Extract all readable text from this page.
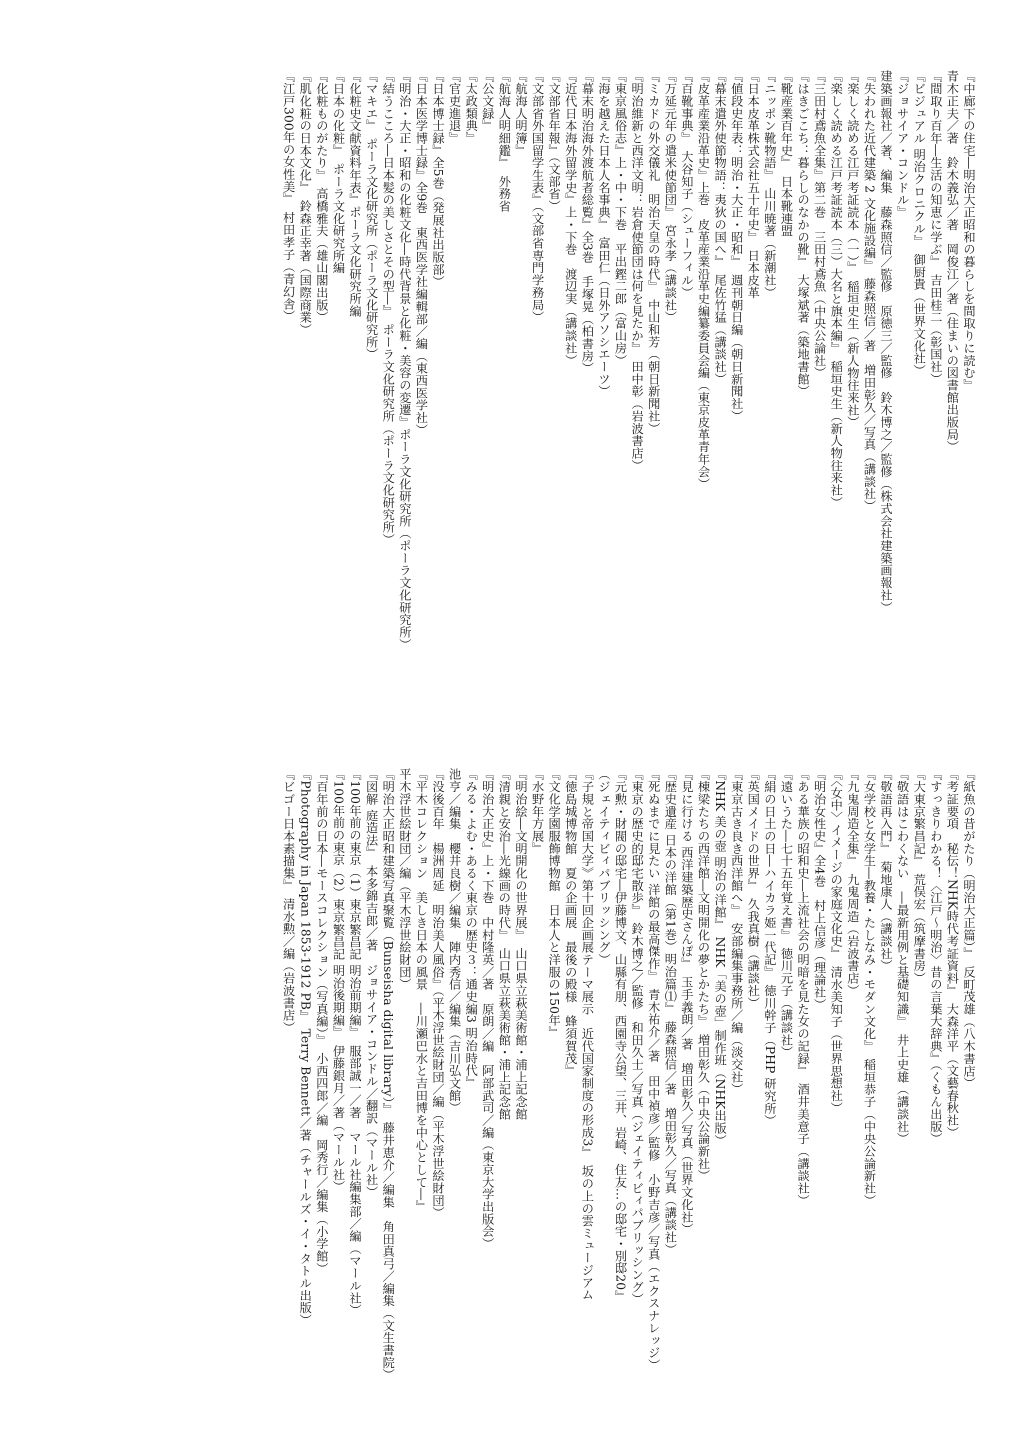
『中廊下の住宅―明治大正昭和の暮らしを間取りに読む』
青木正夫／著　鈴木義弘／著　岡俊江／著（住まいの図書館出版局）
『間取り百年―生活の知恵に学ぶ』　吉田桂二（彰国社）
『ビジュアル 明治クロニクル』　御厨貴（世界文化社）
『ジョサイア・コンドル』
建築画報社／著、編集　藤森照信／監修　原徳三／監修　鈴木博之／監修（株式会社建築画報社）
『失われた近代建築 2 文化施設編』　藤森照信／著　増田彰久／写真（講談社）
『楽しく読める江戸考証読本（一）』　稲垣史生（新人物往来社）
『楽しく読める江戸考証読本（三）大名と旗本編』　稲垣史生（新人物往来社）
『三田村鳶魚全集』第二巻　三田村鳶魚（中央公論社）
『はきごこち：暮らしのなかの靴』　大塚斌著（築地書館）
『靴産業百年史』　日本靴連盟
『ニッポン靴物語』　山川暁著（新潮社）
『日本皮革株式会社五十年史』　日本皮革
『値段史年表：明治・大正・昭和』　週刊朝日編（朝日新聞社）
『幕末遣外使節物語：夷狄の国へ』　尾佐竹猛（講談社）
『皮革産業沿革史』上巻　皮革産業沿革史編纂委員会編（東京皮革青年会）
『百靴事典』　大谷知子（シューフィル）
『万延元年の遣米使節団』　宮永孝（講談社）
『ミカドの外交儀礼　明治天皇の時代』　中山和芳（朝日新聞社）
『明治維新と西洋文明：岩倉使節団は何を見たか』　田中彰（岩波書店）
『東京風俗志』上・中・下巻　平出鏗二郎（富山房）
『海を越えた日本人名事典』　富田仁（日外アソシエーツ）
『幕末明治海外渡航者総覧』全3巻　手塚晃（柏書房）
『近代日本海外留学史』上・下巻　渡辺実（講談社）
『文部省年報』（文部省）
『文部省外国留学生表』（文部省専門学務局）
『航海人明簿』
『航海人明細鑑』　外務省
『公文録』
『太政類典』
『官吏進退』
『日本博士録』全5巻（発展社出版部）
『日本医学博士録』全9巻　東西医学社編輯部／編（東西医学社）
『明治・大正・昭和の化粧文化―時代背景と化粧・美容の変遷』ポーラ文化研究所（ポーラ文化研究所）
『結うこころ―日本髪の美しさとその型―』　ポーラ文化研究所（ポーラ文化研究所）
『マキエ』　ポーラ文化研究所（ポーラ文化研究所）
『化粧史文献資料年表』ポーラ文化研究所編
『日本の化粧』　ポーラ文化研究所編
『化粧ものがたり』　高橋雅夫（雄山閣出版）
『肌化粧の日本文化』　鈴森正幸著（国際商業）
『江戸300年の女性美』　村田孝子（青幻舎）
『紙魚の昔がたり（明治大正篇）』　反町茂雄（八木書店）
『考証要項　秘伝！NHK時代考証資料』　大森洋平（文藝春秋社）
『すっきりわかる！〈江戸～明治〉昔の言葉大辞典』（くもん出版）
『大東京繁昌記』　荒俣宏（筑摩書房）
『敬語はこわくない　―最新用例と基礎知識』　井上史雄（講談社）
『敬語再入門』　菊地康人（講談社）
『女学校と女学生―教養・たしなみ・モダン文化』　稲垣恭子（中央公論新社）
『九鬼周造全集』　九鬼周造（岩波書店）
『〈女中〉イメージの家庭文化史』　清水美知子（世界思想社）
『明治女性史』全4巻　村上信彦（理論社）
『ある華族の昭和史―上流社会の明暗を見た女の記録』　酒井美意子（講談社）
『遠いうた―七十五年覚え書』　徳川元子（講談社）
『絹の日土の日―ハイカラ姫一代記』　徳川幹子（PHP 研究所）
『英国メイドの世界』　久我真樹（講談社）
『東京古き良き西洋館へ』　安部編集事務所／編（淡交社）
『NHK 美の壺 明治の洋館』　NHK「美の壺」制作班（NHK出版）
『棟梁たちの西洋館―文明開化の夢とかたち』　増田彰久（中央公論新社）
『見に行ける 西洋建築歴史さんぽ』　玉手義朗／著　増田彰久／写真（世界文化社）
『歴史遺産 日本の洋館（第1巻）明治篇⑴』　藤森照信／著　増田彰久／写真（講談社）
『死ぬまでに見たい 洋館の最高傑作』　青木祐介／著　田中禎彦／監修　小野吉彦／写真（エクスナレッジ）
『東京の歴史的邸宅散歩』　鈴木博之／監修　和田久士／写真（ジェイティビィパブリッシング）
『元勲・財閥の邸宅―伊藤博文、山縣有朋、西園寺公望、三井、岩崎、住友…の邸宅・別邸20』
（ジェイティビィパブリッシング）
『子規と帝国大学》第十回企画展テーマ展示　近代国家制度の形成3』　坂の上の雲ミュージアム
『徳島城博物館　夏の企画展　最後の殿様　蜂須賀茂』
『文化学園服飾博物館　日本人と洋服の150年』
『水野年方展』
『明治絵―文明開化の世界展』　山口県立萩美術館・浦上記念館
『清親と安治―光線画の時代』　山口県立萩美術館・浦上記念館
『明治大正史』上・下巻　中村隆英／著　原朗／編　阿部武司／編（東京大学出版会）
『みる・よむ・あるく東京の歴史３：通史編3 明治時代』
池亨／編集　櫻井良樹／編集　陣内秀信／編集（吉川弘文館）
『没後百年　楊洲周延　明治美人風俗』（平木浮世絵財団／編（平木浮世絵財団）
『平木コレクション　美しき日本の風景　―川瀬巴水と吉田博を中心として―』
平木浮世絵財団／編（平木浮世絵財団）
『明治大正昭和建築写真聚覧（Bunseisha digital library）』　藤井恵介／編集　角田真弓／編集（文生書院）
『図解 庭造法』　本多錦吉郎／著　ジョサイア・コンドル／翻訳（マール社）
『100年前の東京（1）東京繁昌記 明治前期編』　服部誠一／著　マール社編集部／編（マール社）
『100年前の東京（2）東京繁昌記 明治後期編』　伊藤銀月／著（マール社）
『百年前の日本―モースコレクション（写真編）』　小西四郎／編　岡秀行／編集（小学館）
『Photography in Japan 1853-1912 PB』　Terry Bennett／著（チャールズ・イ・タトル出版）
『ビゴー日本素描集』　清水勲／編（岩波書店）
